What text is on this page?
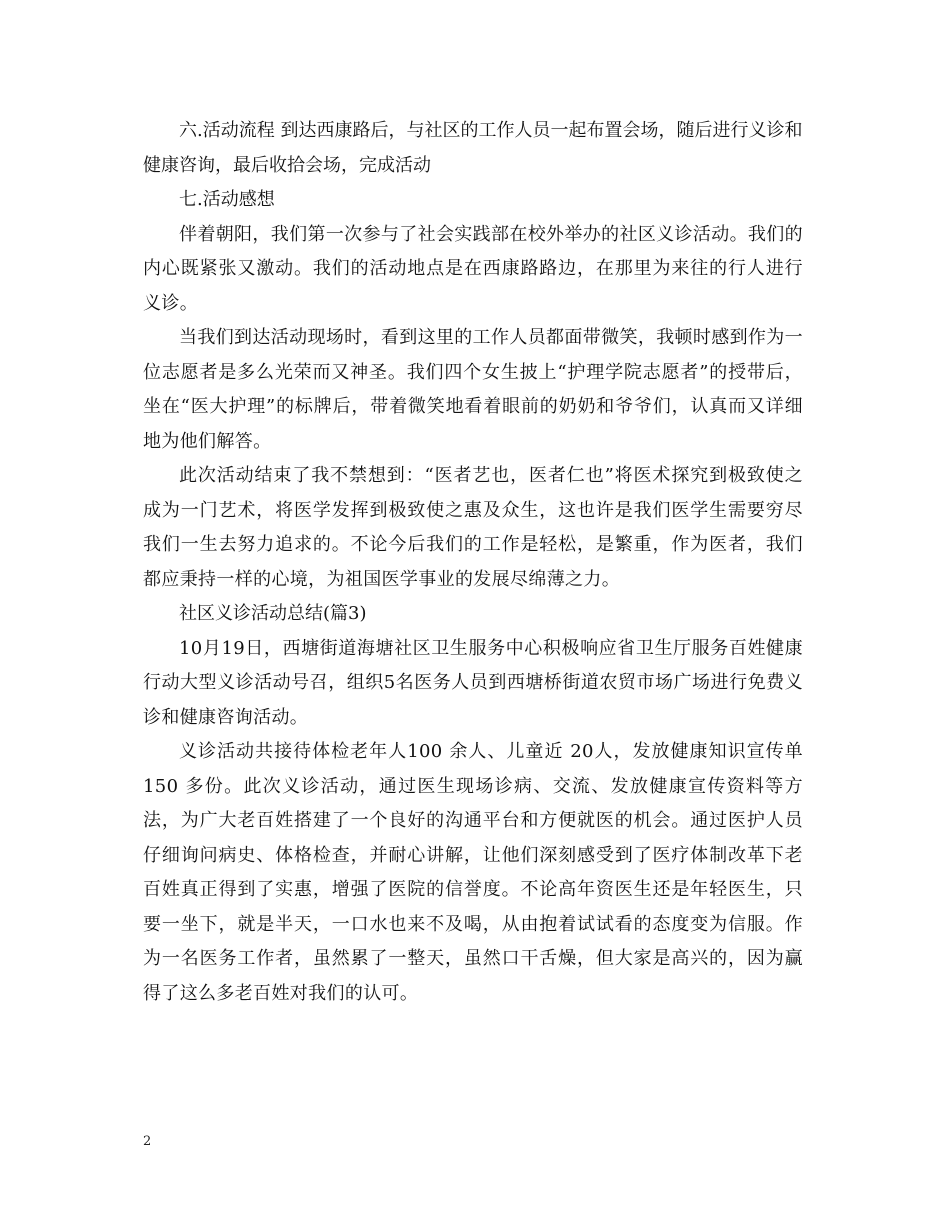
六.活动流程 到达西康路后，与社区的工作人员一起布置会场，随后进行义诊和健康咨询，最后收拾会场，完成活动

七.活动感想

伴着朝阳，我们第一次参与了社会实践部在校外举办的社区义诊活动。我们的内心既紧张又激动。我们的活动地点是在西康路路边，在那里为来往的行人进行义诊。

当我们到达活动现场时，看到这里的工作人员都面带微笑，我顿时感到作为一位志愿者是多么光荣而又神圣。我们四个女生披上“护理学院志愿者”的授带后，坐在“医大护理”的标牌后，带着微笑地看着眼前的奶奶和爷爷们，认真而又详细地为他们解答。

此次活动结束了我不禁想到：“医者艺也，医者仁也”将医术探究到极致使之成为一门艺术，将医学发挥到极致使之惠及众生，这也许是我们医学生需要穷尽我们一生去努力追求的。不论今后我们的工作是轻松，是繁重，作为医者，我们都应秉持一样的心境，为祖国医学事业的发展尽绵薄之力。

社区义诊活动总结(篇3)

10月19日，西塘街道海塘社区卫生服务中心积极响应省卫生厅服务百姓健康行动大型义诊活动号召，组织5名医务人员到西塘桥街道农贸市场广场进行免费义诊和健康咨询活动。

义诊活动共接待体检老年人100 余人、儿童近 20人，发放健康知识宣传单150 多份。此次义诊活动，通过医生现场诊病、交流、发放健康宣传资料等方法，为广大老百姓搭建了一个良好的沟通平台和方便就医的机会。通过医护人员仔细询问病史、体格检查，并耐心讲解，让他们深刻感受到了医疗体制改革下老百姓真正得到了实惠，增强了医院的信誉度。不论高年资医生还是年轻医生，只要一坐下，就是半天，一口水也来不及喝，从由抱着试试看的态度变为信服。作为一名医务工作者，虽然累了一整天，虽然口干舌燥，但大家是高兴的，因为赢得了这么多老百姓对我们的认可。

2
